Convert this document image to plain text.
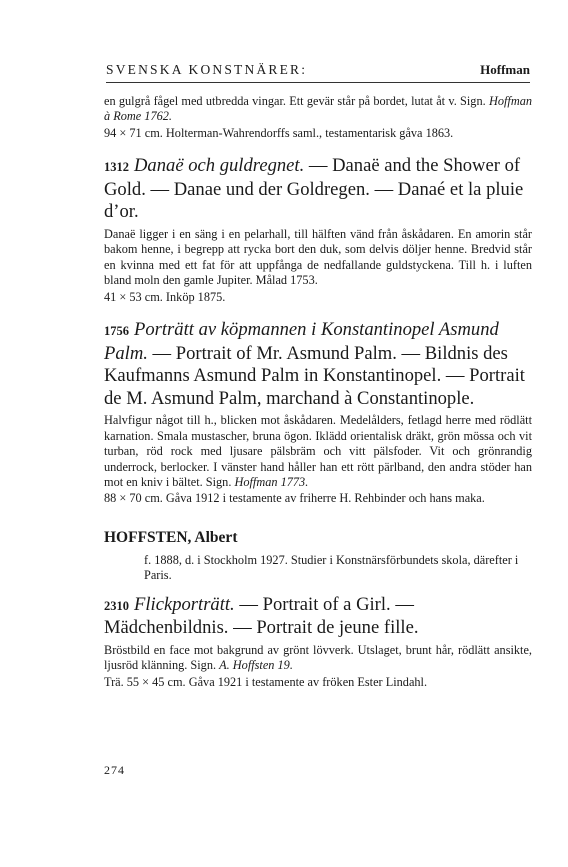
SVENSKA KONSTNÄRER:	Hoffman

en gulgrå fågel med utbredda vingar. Ett gevär står på bordet, lutat åt v. Sign. Hoffman à Rome 1762.

94 × 71 cm. Holterman-Wahrendorffs saml., testamentarisk gåva 1863.

1312 Danaë och guldregnet. — Danaë and the Shower of Gold. — Danae und der Goldregen. — Danaé et la pluie d’or.

Danaë ligger i en säng i en pelarhall, till hälften vänd från åskådaren. En amorin står bakom henne, i begrepp att rycka bort den duk, som delvis döljer henne. Bredvid står en kvinna med ett fat för att uppfånga de nedfallande guldstyckena. Till h. i luften bland moln den gamle Jupiter. Målad 1753.

41 × 53 cm. Inköp 1875.

1756 Porträtt av köpmannen i Konstantinopel Asmund Palm. — Portrait of Mr. Asmund Palm. — Bildnis des Kaufmanns Asmund Palm in Konstantinopel. — Portrait de M. Asmund Palm, marchand à Constantinople.

Halvfigur något till h., blicken mot åskådaren. Medelålders, fetlagd herre med rödlätt karnation. Smala mustascher, bruna ögon. Iklädd orientalisk dräkt, grön mössa och vit turban, röd rock med ljusare pälsbräm och vitt pälsfoder. Vit och grönrandig underrock, berlocker. I vänster hand håller han ett rött pärlband, den andra stöder han mot en kniv i bältet. Sign. Hoffman 1773.

88 × 70 cm. Gåva 1912 i testamente av friherre H. Rehbinder och hans maka.

HOFFSTEN, Albert

f. 1888, d. i Stockholm 1927. Studier i Konstnärsförbundets skola, därefter i Paris.

2310 Flickporträtt. — Portrait of a Girl. — Mädchenbildnis. — Portrait de jeune fille.

Bröstbild en face mot bakgrund av grönt lövverk. Utslaget, brunt hår, rödlätt ansikte, ljusröd klänning. Sign. A. Hoffsten 19.

Trä. 55 × 45 cm. Gåva 1921 i testamente av fröken Ester Lindahl.

274
